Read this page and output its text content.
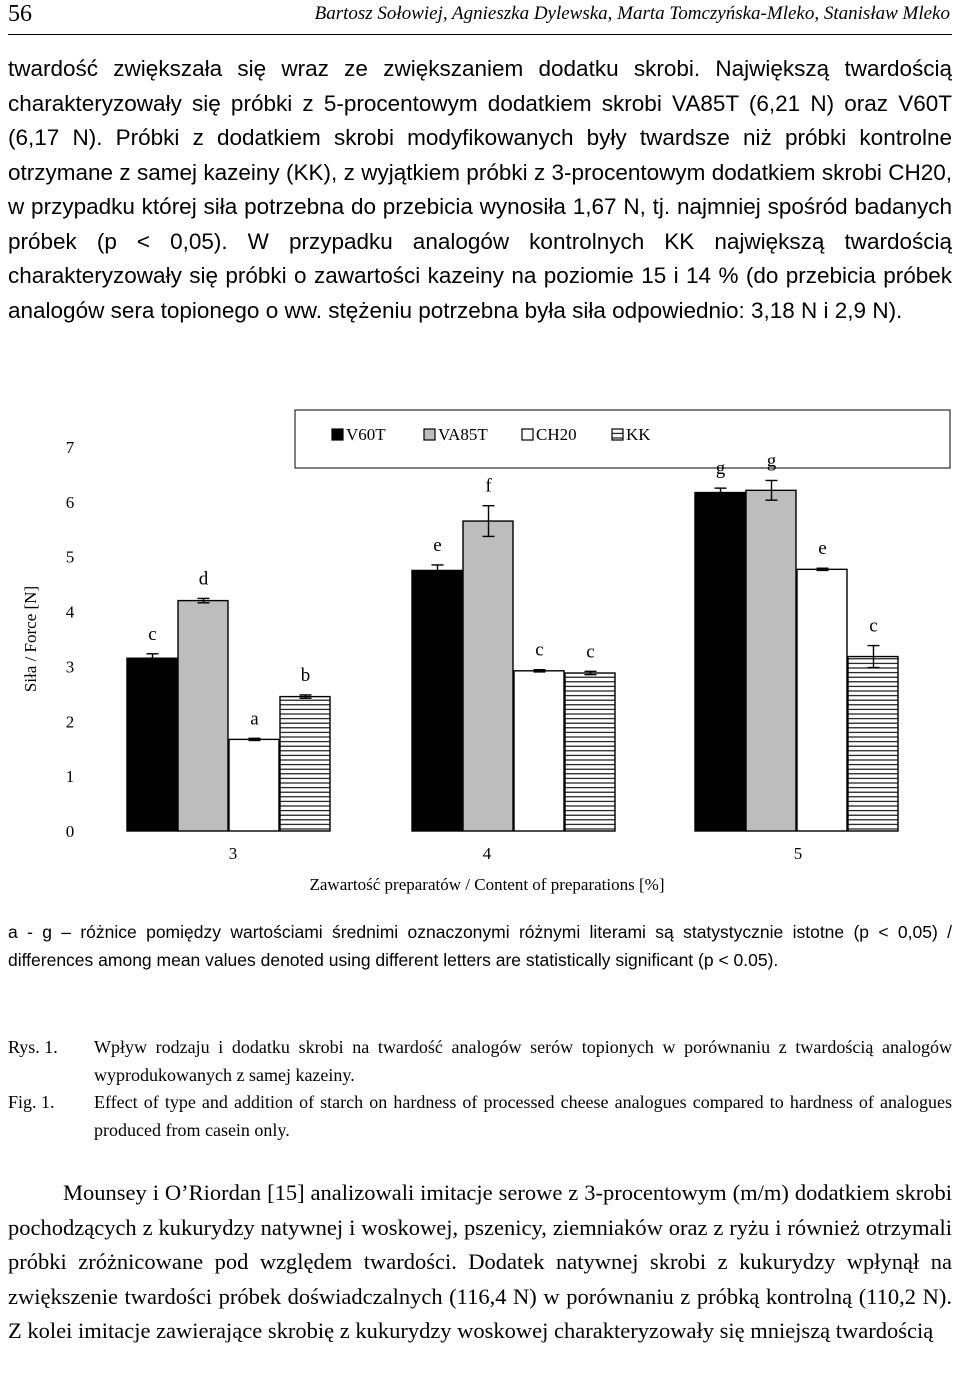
56	Bartosz Sołowiej, Agnieszka Dylewska, Marta Tomczyńska-Mleko, Stanisław Mleko

twardość zwiększała się wraz ze zwiększaniem dodatku skrobi. Największą twardością charakteryzowały się próbki z 5-procentowym dodatkiem skrobi VA85T (6,21 N) oraz V60T (6,17 N). Próbki z dodatkiem skrobi modyfikowanych były twardsze niż próbki kontrolne otrzymane z samej kazeiny (KK), z wyjątkiem próbki z 3-procentowym dodatkiem skrobi CH20, w przypadku której siła potrzebna do przebicia wynosiła 1,67 N, tj. najmniej spośród badanych próbek (p < 0,05). W przypadku analogów kontrolnych KK największą twardością charakteryzowały się próbki o zawartości kazeiny na poziomie 15 i 14 % (do przebicia próbek analogów sera topionego o ww. stężeniu potrzebna była siła odpowiednio: 3,18 N i 2,9 N).

0
1
2
3
4
5
6
7
Siła / Force [N]	c
e
g
d
f
g
a
c
e
b
c
c
3	4	5
Zawartość preparatów / Content of preparations [%]
V60T	VA85T	CH20	KK

a - g – różnice pomiędzy wartościami średnimi oznaczonymi różnymi literami są statystycznie istotne (p < 0,05) / differences among mean values denoted using different letters are statistically significant (p < 0.05).

Rys. 1. Wpływ rodzaju i dodatku skrobi na twardość analogów serów topionych w porównaniu z twardością analogów wyprodukowanych z samej kazeiny.

Fig. 1. Effect of type and addition of starch on hardness of processed cheese analogues compared to hardness of analogues produced from casein only.

Mounsey i O’Riordan [15] analizowali imitacje serowe z 3-procentowym (m/m) dodatkiem skrobi pochodzących z kukurydzy natywnej i woskowej, pszenicy, ziemniaków oraz z ryżu i również otrzymali próbki zróżnicowane pod względem twardości. Dodatek natywnej skrobi z kukurydzy wpłynął na zwiększenie twardości próbek doświadczalnych (116,4 N) w porównaniu z próbką kontrolną (110,2 N). Z kolei imitacje zawierające skrobię z kukurydzy woskowej charakteryzowały się mniejszą twardością
